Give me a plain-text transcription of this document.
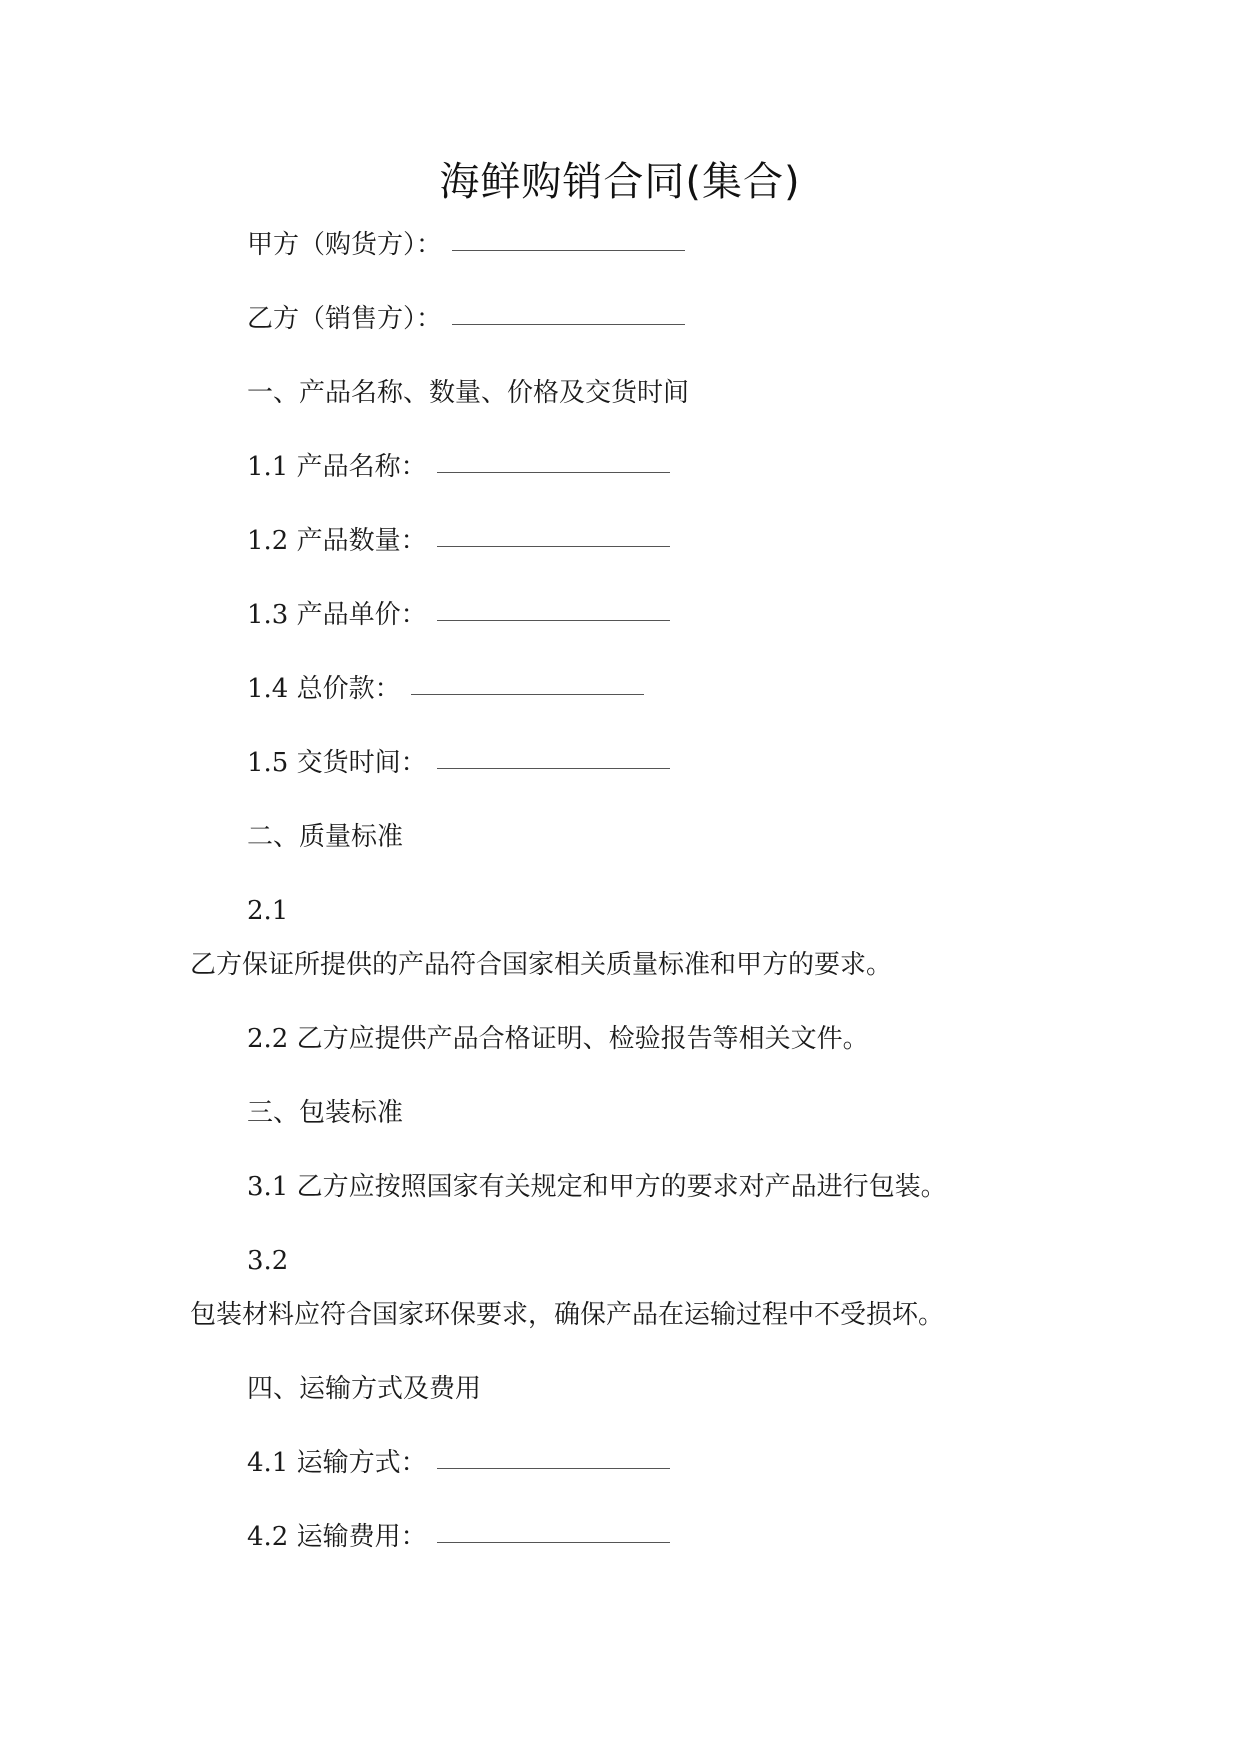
海鲜购销合同(集合)
甲方（购货方）：
乙方（销售方）：
一、产品名称、数量、价格及交货时间
1.1 产品名称：
1.2 产品数量：
1.3 产品单价：
1.4 总价款：
1.5 交货时间：
二、质量标准
2.1
乙方保证所提供的产品符合国家相关质量标准和甲方的要求。
2.2 乙方应提供产品合格证明、检验报告等相关文件。
三、包装标准
3.1 乙方应按照国家有关规定和甲方的要求对产品进行包装。
3.2
包装材料应符合国家环保要求，确保产品在运输过程中不受损坏。
四、运输方式及费用
4.1 运输方式：
4.2 运输费用：
